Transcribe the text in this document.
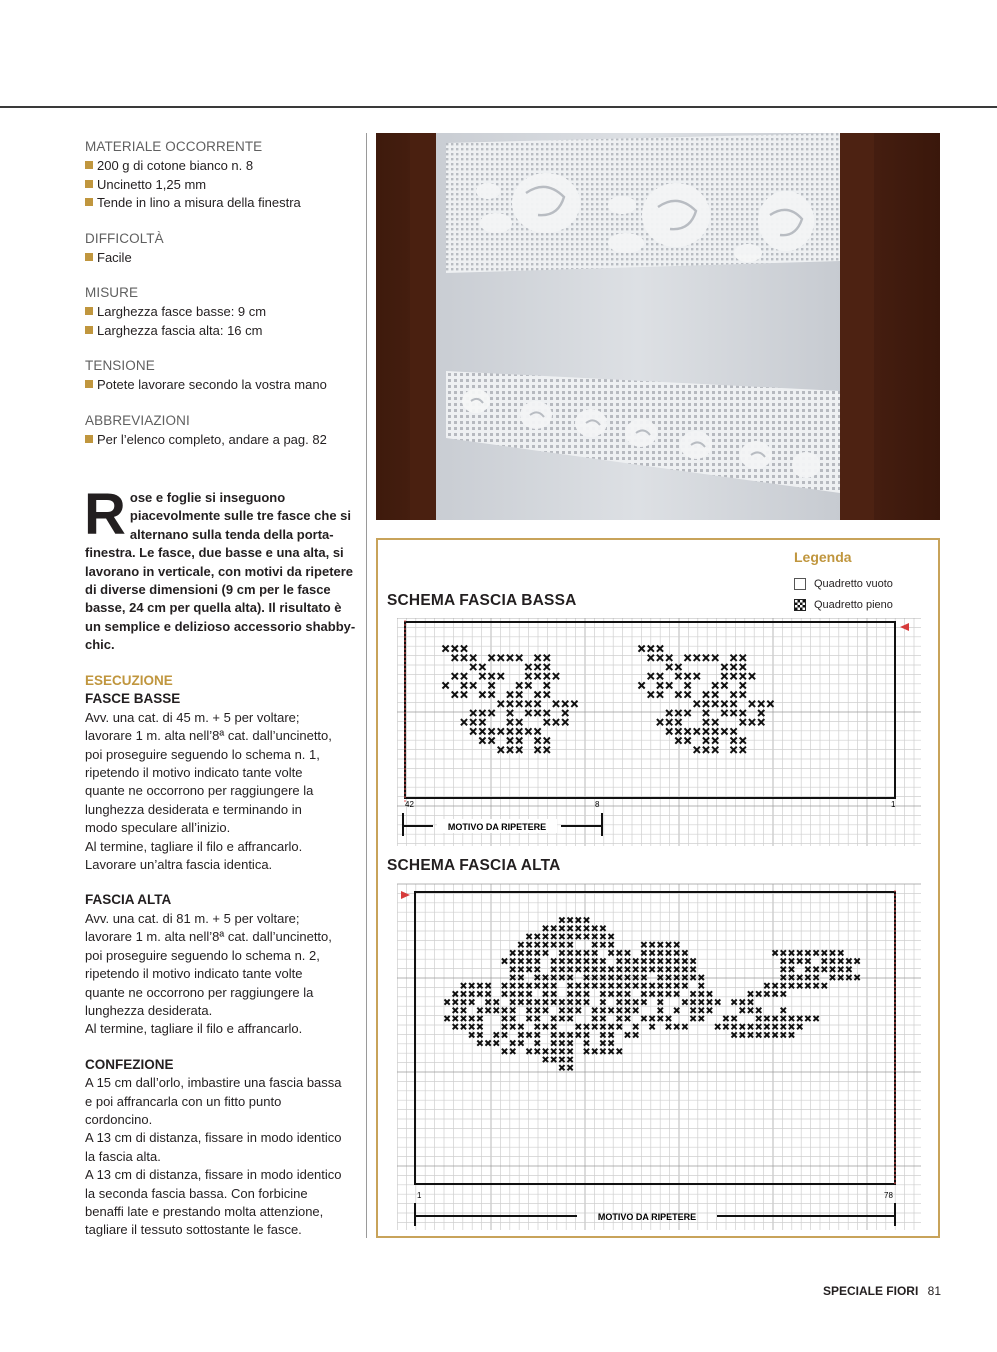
MATERIALE OCCORRENTE
200 g di cotone bianco n. 8
Uncinetto 1,25 mm
Tende in lino a misura della finestra
DIFFICOLTÀ
Facile
MISURE
Larghezza fasce basse: 9 cm
Larghezza fascia alta: 16 cm
TENSIONE
Potete lavorare secondo la vostra mano
ABBREVIAZIONI
Per l’elenco completo, andare a pag. 82
Rose e foglie si inseguono piacevolmente sulle tre fasce che si alternano sulla tenda della porta-finestra. Le fasce, due basse e una alta, si lavorano in verticale, con motivi da ripetere di diverse dimensioni (9 cm per le fasce basse, 24 cm per quella alta). Il risultato è un semplice e delizioso accessorio shabby-chic.
ESECUZIONE
FASCE BASSE

Avv. una cat. di 45 m. + 5 per voltare;

lavorare 1 m. alta nell’8ª cat. dall’uncinetto,

poi proseguire seguendo lo schema n. 1,

ripetendo il motivo indicato tante volte

quante ne occorrono per raggiungere la

lunghezza desiderata e terminando in

modo speculare all’inizio.

Al termine, tagliare il filo e affrancarlo.

Lavorare un’altra fascia identica.

FASCIA ALTA

Avv. una cat. di 81 m. + 5 per voltare;

lavorare 1 m. alta nell’8ª cat. dall’uncinetto,

poi proseguire seguendo lo schema n. 2,

ripetendo il motivo indicato tante volte

quante ne occorrono per raggiungere la

lunghezza desiderata.

Al termine, tagliare il filo e affrancarlo.

CONFEZIONE

A 15 cm dall’orlo, imbastire una fascia bassa

e poi affrancarla con un fitto punto

cordoncino.

A 13 cm di distanza, fissare in modo identico

la fascia alta.

A 13 cm di distanza, fissare in modo identico

la seconda fascia bassa. Con forbicine

benaffi late e prestando molta attenzione,

tagliare il tessuto sottostante le fasce.

Legenda
Quadretto vuoto
Quadretto pieno
SCHEMA FASCIA BASSA
42	8	1
MOTIVO DA RIPETERE
SCHEMA FASCIA ALTA
1	78
MOTIVO DA RIPETERE
SPECIALE FIORI 81
